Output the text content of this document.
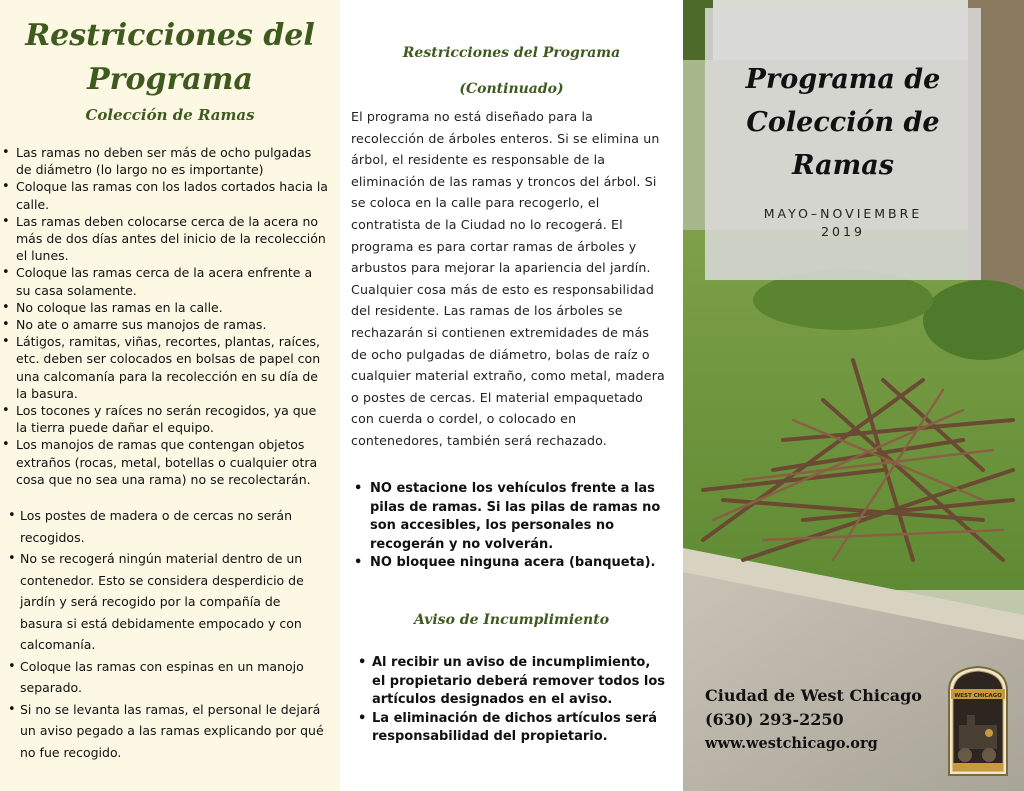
Restricciones del
Programa
Colección de Ramas
• Las ramas no deben ser más de ocho pulgadas de diámetro (lo largo no es importante)
• Coloque las ramas con los lados cortados hacia la calle.
• Las ramas deben colocarse cerca de la acera no más de dos días antes del inicio de la recolección el lunes.
• Coloque las ramas cerca de la acera enfrente a su casa solamente.
• No coloque las ramas en la calle.
• No ate o amarre sus manojos de ramas.
• Látigos, ramitas, viñas, recortes, plantas, raíces, etc. deben ser colocados en bolsas de papel con una calcomanía para la recolección en su día de la basura.
• Los tocones y raíces no serán recogidos, ya que la tierra puede dañar el equipo.
• Los manojos de ramas que contengan objetos extraños (rocas, metal, botellas o cualquier otra cosa que no sea una rama) no se recolectarán.
• Los postes de madera o de cercas no serán recogidos.
• No se recogerá ningún material dentro de un contenedor. Esto se considera desperdicio de jardín y será recogido por la compañía de basura si está debidamente empocado y con calcomanía.
• Coloque las ramas con espinas en un manojo separado.
• Si no se levanta las ramas, el personal le dejará un aviso pegado a las ramas explicando por qué no fue recogido.
Restricciones del Programa
(Continuado)

El programa no está diseñado para la recolección de árboles enteros. Si se elimina un árbol, el residente es responsable de la eliminación de las ramas y troncos del árbol. Si se coloca en la calle para recogerlo, el contratista de la Ciudad no lo recogerá. El programa es para cortar ramas de árboles y arbustos para mejorar la apariencia del jardín. Cualquier cosa más de esto es responsabilidad del residente. Las ramas de los árboles se rechazarán si contienen extremidades de más de ocho pulgadas de diámetro, bolas de raíz o cualquier material extraño, como metal, madera o postes de cercas. El material empaquetado con cuerda o cordel, o colocado en contenedores, también será rechazado.

• NO estacione los vehículos frente a las pilas de ramas. Si las pilas de ramas no son accesibles, los personales no recogerán y no volverán.
• NO bloquee ninguna acera (banqueta).
Aviso de Incumplimiento
• Al recibir un aviso de incumplimiento, el propietario deberá remover todos los artículos designados en el aviso.
• La eliminación de dichos artículos será responsabilidad del propietario.
Programa de
Colección de
Ramas
MAYO–NOVIEMBRE
2019
Ciudad de West Chicago
(630) 293-2250
www.westchicago.org
WEST CHICAGO
